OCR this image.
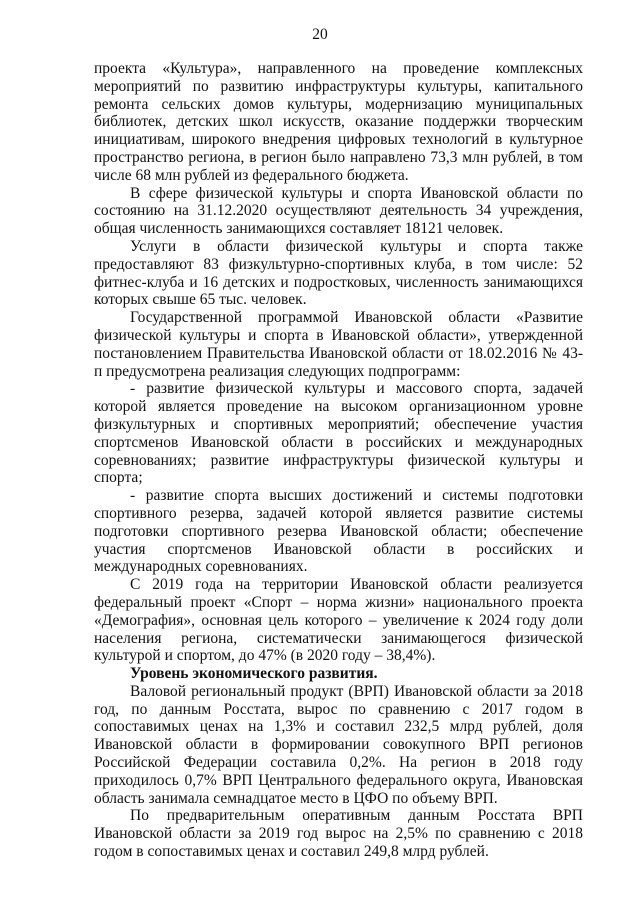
20

проекта «Культура», направленного на проведение комплексных мероприятий по развитию инфраструктуры культуры, капитального ремонта сельских домов культуры, модернизацию муниципальных библиотек, детских школ искусств, оказание поддержки творческим инициативам, широкого внедрения цифровых технологий в культурное пространство региона, в регион было направлено 73,3 млн рублей, в том числе 68 млн рублей из федерального бюджета.

В сфере физической культуры и спорта Ивановской области по состоянию на 31.12.2020 осуществляют деятельность 34 учреждения, общая численность занимающихся составляет 18121 человек.

Услуги в области физической культуры и спорта также предоставляют 83 физкультурно-спортивных клуба, в том числе: 52 фитнес-клуба и 16 детских и подростковых, численность занимающихся которых свыше 65 тыс. человек.

Государственной программой Ивановской области «Развитие физической культуры и спорта в Ивановской области», утвержденной постановлением Правительства Ивановской области от 18.02.2016 № 43-п предусмотрена реализация следующих подпрограмм:

- развитие физической культуры и массового спорта, задачей которой является проведение на высоком организационном уровне физкультурных и спортивных мероприятий; обеспечение участия спортсменов Ивановской области в российских и международных соревнованиях; развитие инфраструктуры физической культуры и спорта;

- развитие спорта высших достижений и системы подготовки спортивного резерва, задачей которой является развитие системы подготовки спортивного резерва Ивановской области; обеспечение участия спортсменов Ивановской области в российских и международных соревнованиях.

С 2019 года на территории Ивановской области реализуется федеральный проект «Спорт – норма жизни» национального проекта «Демография», основная цель которого – увеличение к 2024 году доли населения региона, систематически занимающегося физической культурой и спортом, до 47% (в 2020 году – 38,4%).

Уровень экономического развития.

Валовой региональный продукт (ВРП) Ивановской области за 2018 год, по данным Росстата, вырос по сравнению с 2017 годом в сопоставимых ценах на 1,3% и составил 232,5 млрд рублей, доля Ивановской области в формировании совокупного ВРП регионов Российской Федерации составила 0,2%. На регион в 2018 году приходилось 0,7% ВРП Центрального федерального округа, Ивановская область занимала семнадцатое место в ЦФО по объему ВРП.

По предварительным оперативным данным Росстата ВРП Ивановской области за 2019 год вырос на 2,5% по сравнению с 2018 годом в сопоставимых ценах и составил 249,8 млрд рублей.
